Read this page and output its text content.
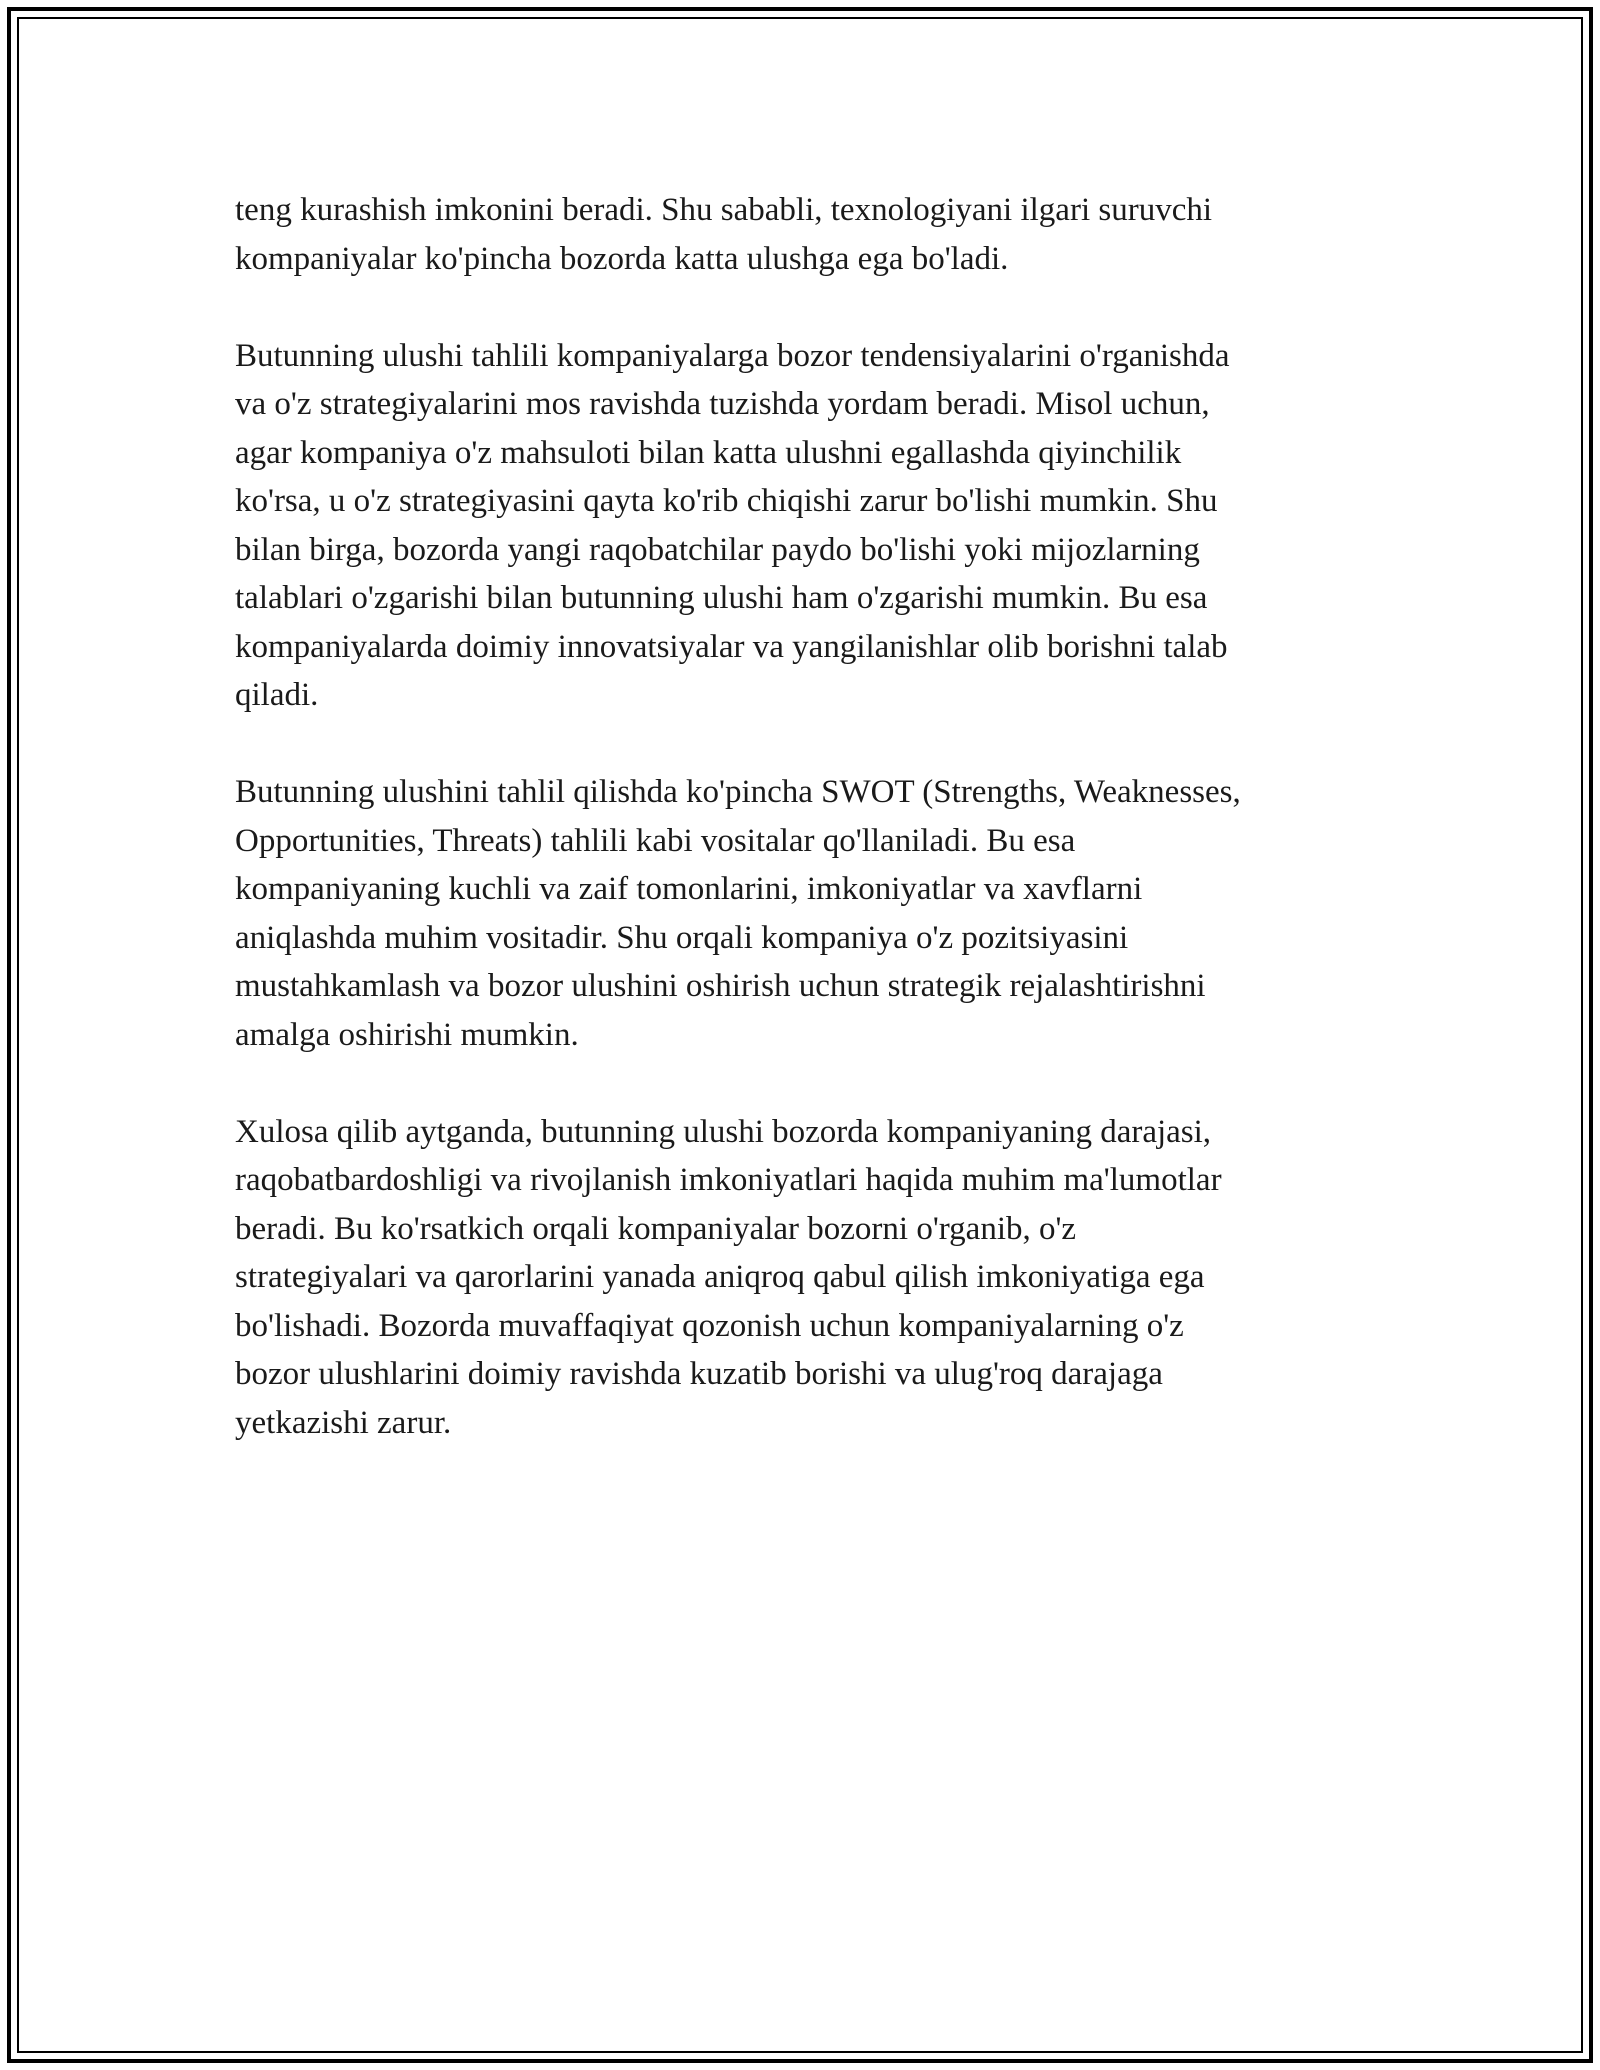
teng kurashish imkonini beradi. Shu sababli, texnologiyani ilgari suruvchi
kompaniyalar ko'pincha bozorda katta ulushga ega bo'ladi.

Butunning ulushi tahlili kompaniyalarga bozor tendensiyalarini o'rganishda
va o'z strategiyalarini mos ravishda tuzishda yordam beradi. Misol uchun,
agar kompaniya o'z mahsuloti bilan katta ulushni egallashda qiyinchilik
ko'rsa, u o'z strategiyasini qayta ko'rib chiqishi zarur bo'lishi mumkin. Shu
bilan birga, bozorda yangi raqobatchilar paydo bo'lishi yoki mijozlarning
talablari o'zgarishi bilan butunning ulushi ham o'zgarishi mumkin. Bu esa
kompaniyalarda doimiy innovatsiyalar va yangilanishlar olib borishni talab
qiladi.

Butunning ulushini tahlil qilishda ko'pincha SWOT (Strengths, Weaknesses,
Opportunities, Threats) tahlili kabi vositalar qo'llaniladi. Bu esa
kompaniyaning kuchli va zaif tomonlarini, imkoniyatlar va xavflarni
aniqlashda muhim vositadir. Shu orqali kompaniya o'z pozitsiyasini
mustahkamlash va bozor ulushini oshirish uchun strategik rejalashtirishni
amalga oshirishi mumkin.

Xulosa qilib aytganda, butunning ulushi bozorda kompaniyaning darajasi,
raqobatbardoshligi va rivojlanish imkoniyatlari haqida muhim ma'lumotlar
beradi. Bu ko'rsatkich orqali kompaniyalar bozorni o'rganib, o'z
strategiyalari va qarorlarini yanada aniqroq qabul qilish imkoniyatiga ega
bo'lishadi. Bozorda muvaffaqiyat qozonish uchun kompaniyalarning o'z
bozor ulushlarini doimiy ravishda kuzatib borishi va ulug'roq darajaga
yetkazishi zarur.
